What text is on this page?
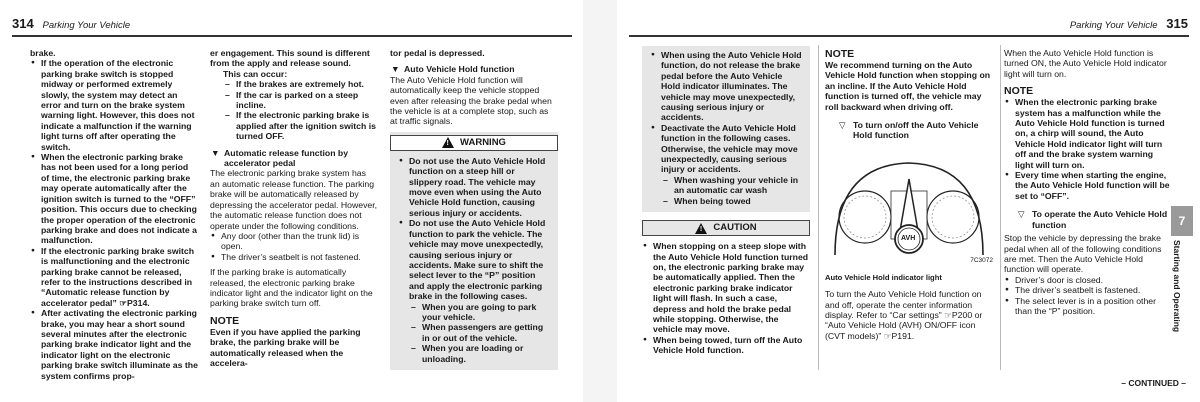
314 Parking Your Vehicle

brake.

● If the operation of the electronic parking brake switch is stopped midway or performed extremely slowly, the system may detect an error and turn on the brake system warning light. However, this does not indicate a malfunction if the warning light turns off after operating the switch.

● When the electronic parking brake has not been used for a long period of time, the electronic parking brake may operate automatically after the ignition switch is turned to the “OFF” position. This occurs due to checking the proper operation of the electronic parking brake and does not indicate a malfunction.

● If the electronic parking brake switch is malfunctioning and the electronic parking brake cannot be released, refer to the instructions described in “Automatic release function by accelerator pedal” ☞P314.

● After activating the electronic parking brake, you may hear a short sound several minutes after the electronic parking brake indicator light and the indicator light on the electronic parking brake switch illuminate as the system confirms prop-

er engagement. This sound is different from the apply and release sound.

This can occur:

– If the brakes are extremely hot.

– If the car is parked on a steep incline.

– If the electronic parking brake is applied after the ignition switch is turned OFF.

▼ Automatic release function by accelerator pedal

The electronic parking brake system has an automatic release function. The parking brake will be automatically released by depressing the accelerator pedal. However, the automatic release function does not operate under the following conditions.

● Any door (other than the trunk lid) is open.

● The driver’s seatbelt is not fastened.

If the parking brake is automatically released, the electronic parking brake indicator light and the indicator light on the parking brake switch turn off.

NOTE

Even if you have applied the parking brake, the parking brake will be automatically released when the accelera-

tor pedal is depressed.

▼ Auto Vehicle Hold function

The Auto Vehicle Hold function will automatically keep the vehicle stopped even after releasing the brake pedal when the vehicle is at a complete stop, such as at traffic signals.

! WARNING

● Do not use the Auto Vehicle Hold function on a steep hill or slippery road. The vehicle may move even when using the Auto Vehicle Hold function, causing serious injury or accidents.

● Do not use the Auto Vehicle Hold function to park the vehicle. The vehicle may move unexpectedly, causing serious injury or accidents. Make sure to shift the select lever to the “P” position and apply the electronic parking brake in the following cases.

– When you are going to park your vehicle.

– When passengers are getting in or out of the vehicle.

– When you are loading or unloading.

Parking Your Vehicle 315

● When using the Auto Vehicle Hold function, do not release the brake pedal before the Auto Vehicle Hold indicator illuminates. The vehicle may move unexpectedly, causing serious injury or accidents.

● Deactivate the Auto Vehicle Hold function in the following cases. Otherwise, the vehicle may move unexpectedly, causing serious injury or accidents.

– When washing your vehicle in an automatic car wash

– When being towed

! CAUTION

● When stopping on a steep slope with the Auto Vehicle Hold function turned on, the electronic parking brake may be automatically applied. Then the electronic parking brake indicator light will flash. In such a case, depress and hold the brake pedal while stopping. Otherwise, the vehicle may move.

● When being towed, turn off the Auto Vehicle Hold function.

NOTE

We recommend turning on the Auto Vehicle Hold function when stopping on an incline. If the Auto Vehicle Hold function is turned off, the vehicle may roll backward when driving off.

▽ To turn on/off the Auto Vehicle Hold function

AVH
7C3072

Auto Vehicle Hold indicator light

To turn the Auto Vehicle Hold function on and off, operate the center information display. Refer to “Car settings” ☞P200 or “Auto Vehicle Hold (AVH) ON/OFF icon (CVT models)” ☞P191.

When the Auto Vehicle Hold function is turned ON, the Auto Vehicle Hold indicator light will turn on.

NOTE

● When the electronic parking brake system has a malfunction while the Auto Vehicle Hold function is turned on, a chirp will sound, the Auto Vehicle Hold indicator light will turn off and the brake system warning light will turn on.

● Every time when starting the engine, the Auto Vehicle Hold function will be set to “OFF”.

▽ To operate the Auto Vehicle Hold function

Stop the vehicle by depressing the brake pedal when all of the following conditions are met. Then the Auto Vehicle Hold function will operate.

● Driver’s door is closed.

● The driver’s seatbelt is fastened.

● The select lever is in a position other than the “P” position.

– CONTINUED –
7
Starting and Operating
